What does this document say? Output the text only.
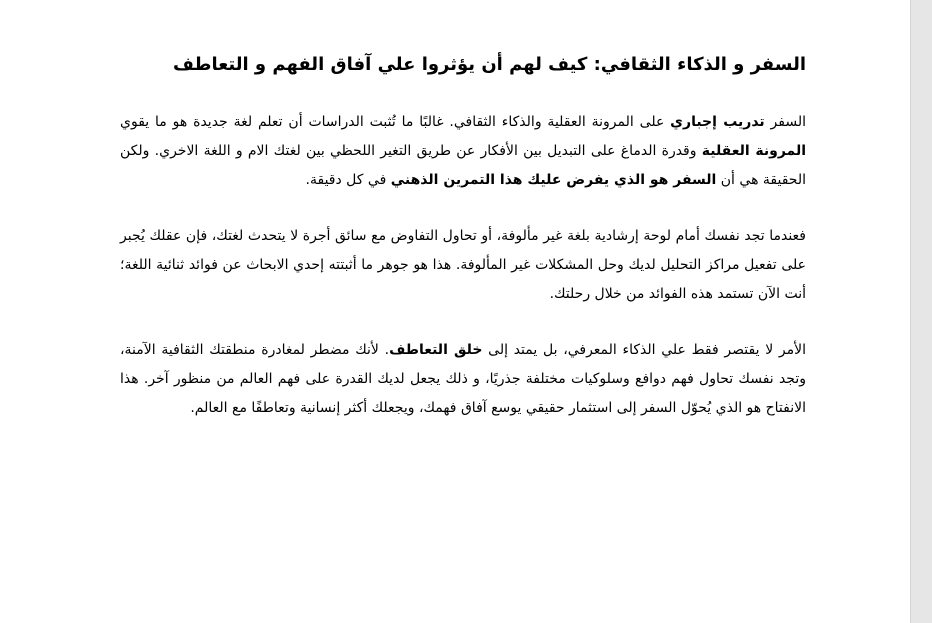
السفر و الذكاء الثقافي: كيف لهم أن يؤثروا علي آفاق الفهم و التعاطف

السفر تدريب إجباري على المرونة العقلية والذكاء الثقافي. غالبًا ما تُثبت الدراسات أن تعلم لغة جديدة هو ما يقوي المرونة العقلية وقدرة الدماغ على التبديل بين الأفكار عن طريق التغير اللحظي بين لغتك الام و اللغة الاخري. ولكن الحقيقة هي أن السفر هو الذي يفرض عليك هذا التمرين الذهني في كل دقيقة.

فعندما تجد نفسك أمام لوحة إرشادية بلغة غير مألوفة، أو تحاول التفاوض مع سائق أجرة لا يتحدث لغتك، فإن عقلك يُجبر على تفعيل مراكز التحليل لديك وحل المشكلات غير المألوفة. هذا هو جوهر ما أثبتته إحدي الابحاث عن فوائد ثنائية اللغة؛ أنت الآن تستمد هذه الفوائد من خلال رحلتك.

الأمر لا يقتصر فقط علي الذكاء المعرفي، بل يمتد إلى خلق التعاطف. لأنك مضطر لمغادرة منطقتك الثقافية الآمنة، وتجد نفسك تحاول فهم دوافع وسلوكيات مختلفة جذريًا، و ذلك يجعل لديك القدرة على فهم العالم من منظور آخر. هذا الانفتاح هو الذي يُحوّل السفر إلى استثمار حقيقي يوسع آفاق فهمك، ويجعلك أكثر إنسانية وتعاطفًا مع العالم.
